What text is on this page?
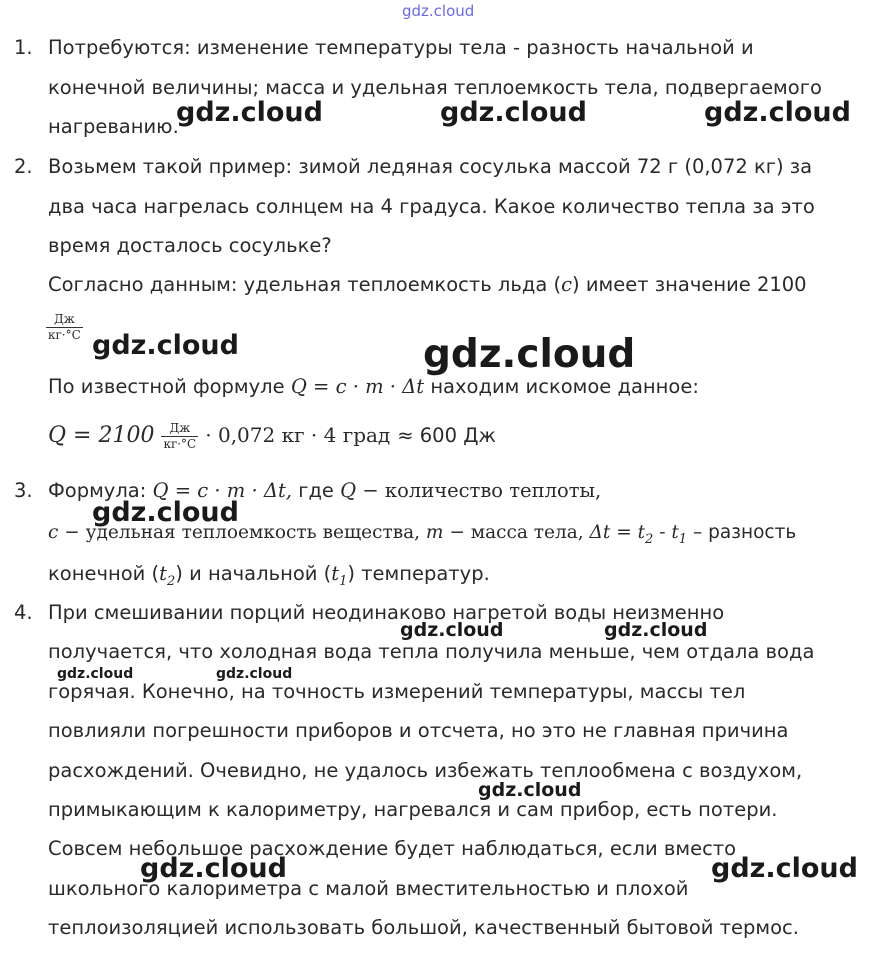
gdz.cloud
1. Потребуются: изменение температуры тела - разность начальной и
конечной величины; масса и удельная теплоемкость тела, подвергаемого
нагреванию.
2. Возьмем такой пример: зимой ледяная сосулька массой 72 г (0,072 кг) за
два часа нагрелась солнцем на 4 градуса. Какое количество тепла за это
время досталось сосульке?
Согласно данным: удельная теплоемкость льда (c) имеет значение 2100
$\frac{Дж}{кг\cdot^\circ С}$
По известной формуле Q = c · m · Δt находим искомое данное:
$Q = 2100 \frac{Дж}{кг\cdot^\circ С} \cdot 0,072$ кг · 4 град ≈ 600 Дж
3. Формула: Q = c · m · Δt, где Q − количество теплоты,
c − удельная теплоемкость вещества, m − масса тела, $\Delta t = t_2 - t_1$ – разность
конечной $(t_2)$ и начальной $(t_1)$ температур.
4. При смешивании порций неодинаково нагретой воды неизменно
получается, что холодная вода тепла получила меньше, чем отдала вода
горячая. Конечно, на точность измерений температуры, массы тел
повлияли погрешности приборов и отсчета, но это не главная причина
расхождений. Очевидно, не удалось избежать теплообмена с воздухом,
примыкающим к калориметру, нагревался и сам прибор, есть потери.
Совсем небольшое расхождение будет наблюдаться, если вместо
школьного калориметра с малой вместительностью и плохой
теплоизоляцией использовать большой, качественный бытовой термос.
gdz.cloud	gdz.cloud	gdz.cloud
gdz.cloud	gdz.cloud
gdz.cloud
gdz.cloud	gdz.cloud
gdz.cloud	gdz.cloud
gdz.cloud
gdz.cloud	gdz.cloud
